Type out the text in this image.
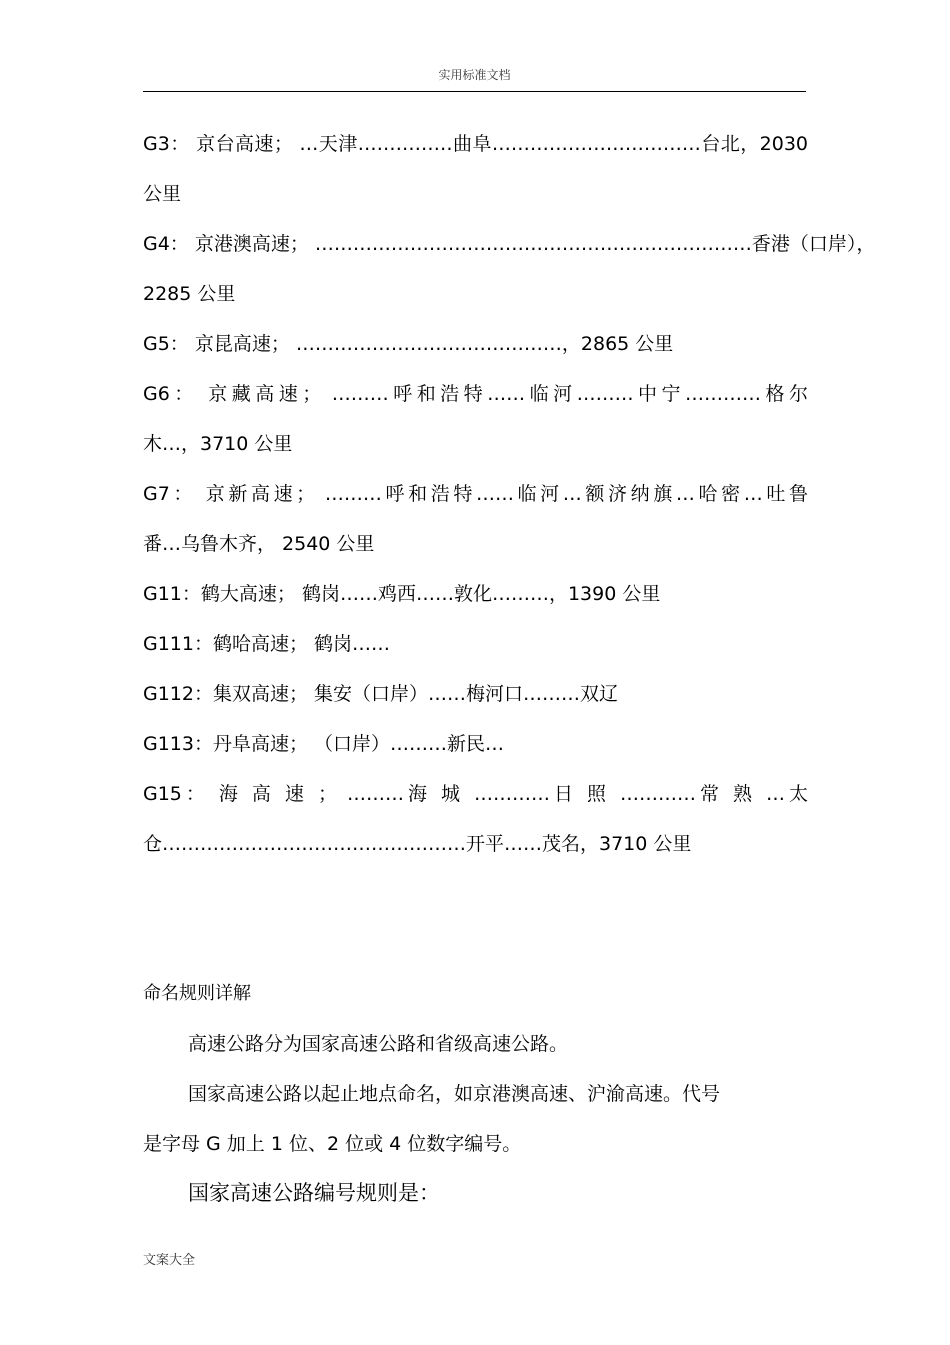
实用标准文档
G3： 京台高速； …天津……………曲阜……………………………台北，2030
公里
G4： 京港澳高速； ……………………………………………………………香港（口岸），
2285 公里
G5： 京昆高速； ……………………………………，2865 公里
G6： 京藏高速； ………呼和浩特……临河………中宁…………格尔
木…，3710 公里
G7： 京新高速； ………呼和浩特……临河…额济纳旗…哈密…吐鲁
番…乌鲁木齐， 2540 公里
G11：鹤大高速； 鹤岗……鸡西……敦化………，1390 公里
G111：鹤哈高速； 鹤岗……
G112：集双高速； 集安（口岸）……梅河口………双辽
G113：丹阜高速； （口岸）………新民…
G15： 海 高 速 ； ………海 城 …………日 照 …………常 熟 …太
仓…………………………………………开平……茂名，3710 公里
命名规则详解
高速公路分为国家高速公路和省级高速公路。
国家高速公路以起止地点命名，如京港澳高速、沪渝高速。代号
是字母 G 加上 1 位、2 位或 4 位数字编号。
国家高速公路编号规则是：
文案大全
